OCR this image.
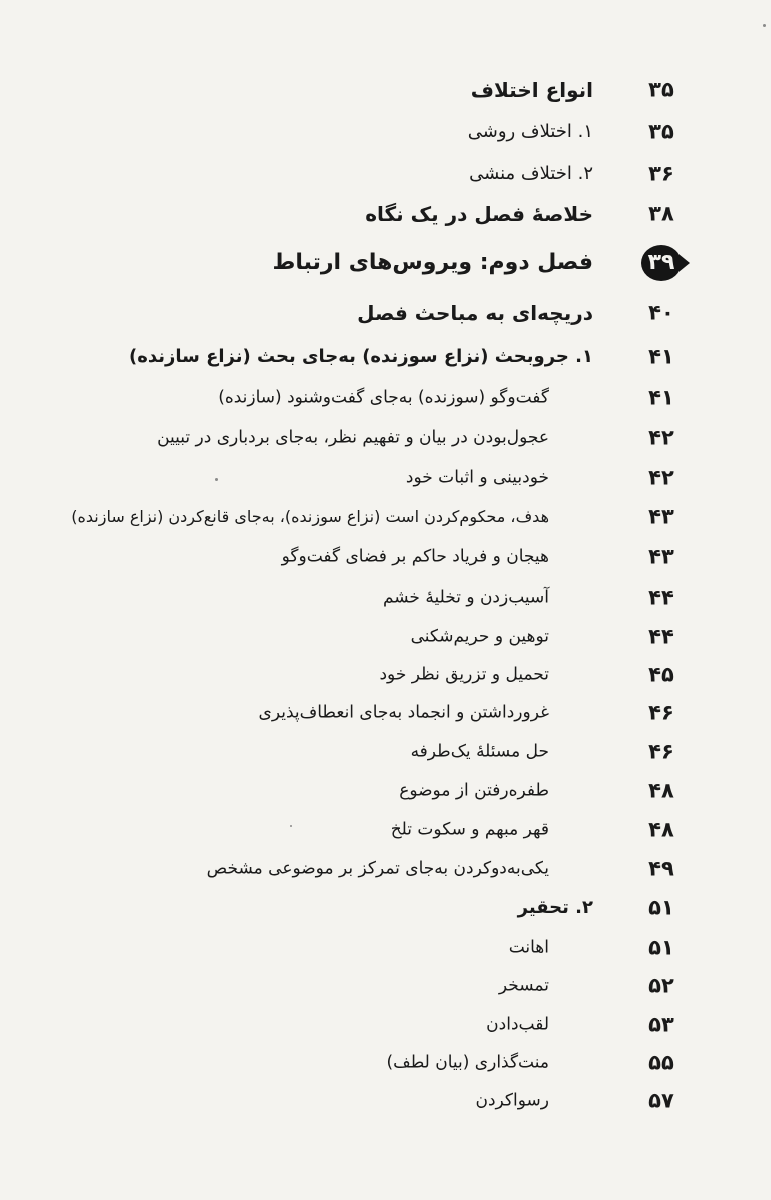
۳۵
انواع اختلاف
۳۵
۱. اختلاف روشی
۳۶
۲. اختلاف منشی
۳۸
خلاصهٔ فصل در یک نگاه
۳۹
فصل دوم: ویروس‌های ارتباط
۴۰
دریچه‌ای به مباحث فصل
۴۱
۱. جروبحث (نزاع سوزنده) به‌جای بحث (نزاع سازنده)
۴۱
گفت‌وگو (سوزنده) به‌جای گفت‌وشنود (سازنده)
۴۲
عجول‌بودن در بیان و تفهیم نظر، به‌جای بردباری در تبیین
۴۲
خودبینی و اثبات خود
۴۳
هدف، محکوم‌کردن است (نزاع سوزنده)، به‌جای قانع‌کردن (نزاع سازنده)
۴۳
هیجان و فریاد حاکم بر فضای گفت‌وگو
۴۴
آسیب‌زدن و تخلیهٔ خشم
۴۴
توهین و حریم‌شکنی
۴۵
تحمیل و تزریق نظر خود
۴۶
غرورداشتن و انجماد به‌جای انعطاف‌پذیری
۴۶
حل مسئلهٔ یک‌طرفه
۴۸
طفره‌رفتن از موضوع
۴۸
قهر مبهم و سکوت تلخ
۴۹
یکی‌به‌دوکردن به‌جای تمرکز بر موضوعی مشخص
۵۱
۲. تحقیر
۵۱
اهانت
۵۲
تمسخر
۵۳
لقب‌دادن
۵۵
منت‌گذاری (بیان لطف)
۵۷
رسواکردن
